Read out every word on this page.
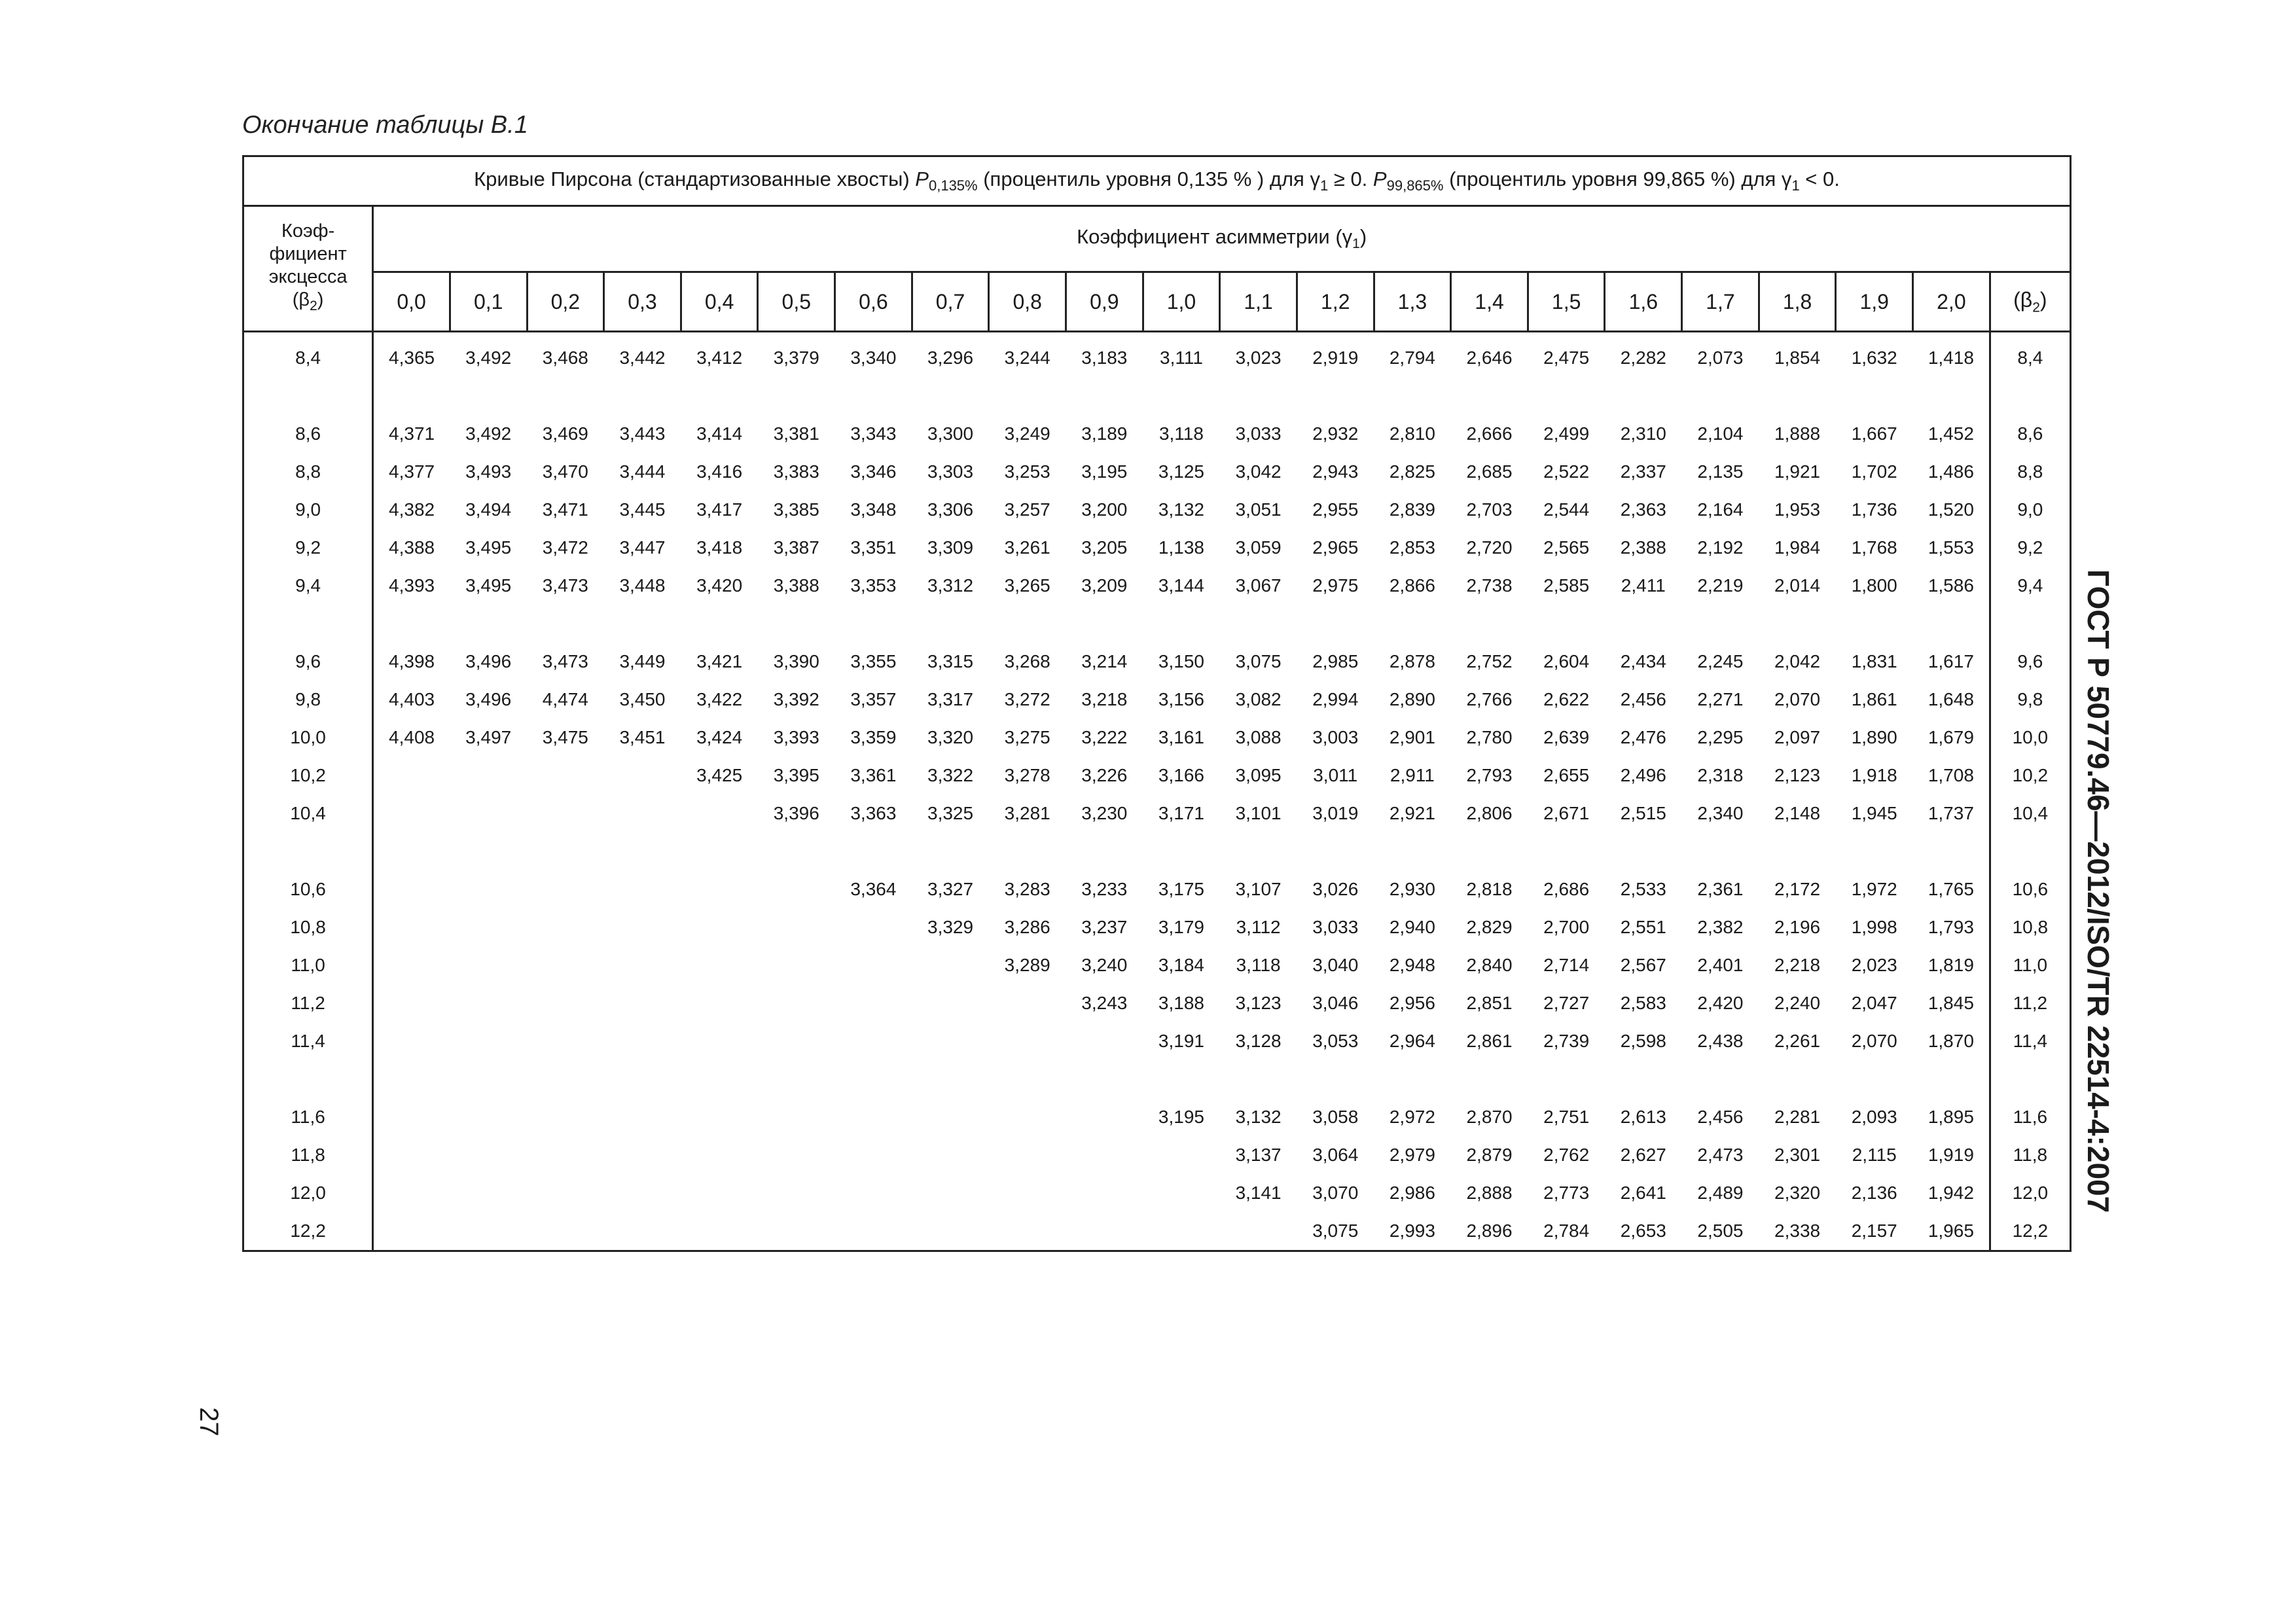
Окончание таблицы В.1
Кривые Пирсона (стандартизованные хвосты) $P_{0,135\%}$ (процентиль уровня 0,135 % ) для $\gamma_1 \ge 0$. $P_{99,865\%}$ (процентиль уровня 99,865 %) для $\gamma_1 < 0$.																						
Коэф-
фициент
эксцесса
$(\beta_2)$	Коэффициент асимметрии $(\gamma_1)$																					
	0,0	0,1	0,2	0,3	0,4	0,5	0,6	0,7	0,8	0,9	1,0	1,1	1,2	1,3	1,4	1,5	1,6	1,7	1,8	1,9	2,0	$(\beta_2)$
8,4	4,365	3,492	3,468	3,442	3,412	3,379	3,340	3,296	3,244	3,183	3,111	3,023	2,919	2,794	2,646	2,475	2,282	2,073	1,854	1,632	1,418	8,4

8,6	4,371	3,492	3,469	3,443	3,414	3,381	3,343	3,300	3,249	3,189	3,118	3,033	2,932	2,810	2,666	2,499	2,310	2,104	1,888	1,667	1,452	8,6
8,8	4,377	3,493	3,470	3,444	3,416	3,383	3,346	3,303	3,253	3,195	3,125	3,042	2,943	2,825	2,685	2,522	2,337	2,135	1,921	1,702	1,486	8,8
9,0	4,382	3,494	3,471	3,445	3,417	3,385	3,348	3,306	3,257	3,200	3,132	3,051	2,955	2,839	2,703	2,544	2,363	2,164	1,953	1,736	1,520	9,0
9,2	4,388	3,495	3,472	3,447	3,418	3,387	3,351	3,309	3,261	3,205	1,138	3,059	2,965	2,853	2,720	2,565	2,388	2,192	1,984	1,768	1,553	9,2
9,4	4,393	3,495	3,473	3,448	3,420	3,388	3,353	3,312	3,265	3,209	3,144	3,067	2,975	2,866	2,738	2,585	2,411	2,219	2,014	1,800	1,586	9,4

9,6	4,398	3,496	3,473	3,449	3,421	3,390	3,355	3,315	3,268	3,214	3,150	3,075	2,985	2,878	2,752	2,604	2,434	2,245	2,042	1,831	1,617	9,6
9,8	4,403	3,496	4,474	3,450	3,422	3,392	3,357	3,317	3,272	3,218	3,156	3,082	2,994	2,890	2,766	2,622	2,456	2,271	2,070	1,861	1,648	9,8
10,0	4,408	3,497	3,475	3,451	3,424	3,393	3,359	3,320	3,275	3,222	3,161	3,088	3,003	2,901	2,780	2,639	2,476	2,295	2,097	1,890	1,679	10,0
10,2					3,425	3,395	3,361	3,322	3,278	3,226	3,166	3,095	3,011	2,911	2,793	2,655	2,496	2,318	2,123	1,918	1,708	10,2
10,4						3,396	3,363	3,325	3,281	3,230	3,171	3,101	3,019	2,921	2,806	2,671	2,515	2,340	2,148	1,945	1,737	10,4

10,6							3,364	3,327	3,283	3,233	3,175	3,107	3,026	2,930	2,818	2,686	2,533	2,361	2,172	1,972	1,765	10,6
10,8								3,329	3,286	3,237	3,179	3,112	3,033	2,940	2,829	2,700	2,551	2,382	2,196	1,998	1,793	10,8
11,0									3,289	3,240	3,184	3,118	3,040	2,948	2,840	2,714	2,567	2,401	2,218	2,023	1,819	11,0
11,2										3,243	3,188	3,123	3,046	2,956	2,851	2,727	2,583	2,420	2,240	2,047	1,845	11,2
11,4											3,191	3,128	3,053	2,964	2,861	2,739	2,598	2,438	2,261	2,070	1,870	11,4

11,6											3,195	3,132	3,058	2,972	2,870	2,751	2,613	2,456	2,281	2,093	1,895	11,6
11,8												3,137	3,064	2,979	2,879	2,762	2,627	2,473	2,301	2,115	1,919	11,8
12,0												3,141	3,070	2,986	2,888	2,773	2,641	2,489	2,320	2,136	1,942	12,0
12,2													3,075	2,993	2,896	2,784	2,653	2,505	2,338	2,157	1,965	12,2
ГОСТ Р 50779.46—2012/ISO/TR 22514-4:2007
27
